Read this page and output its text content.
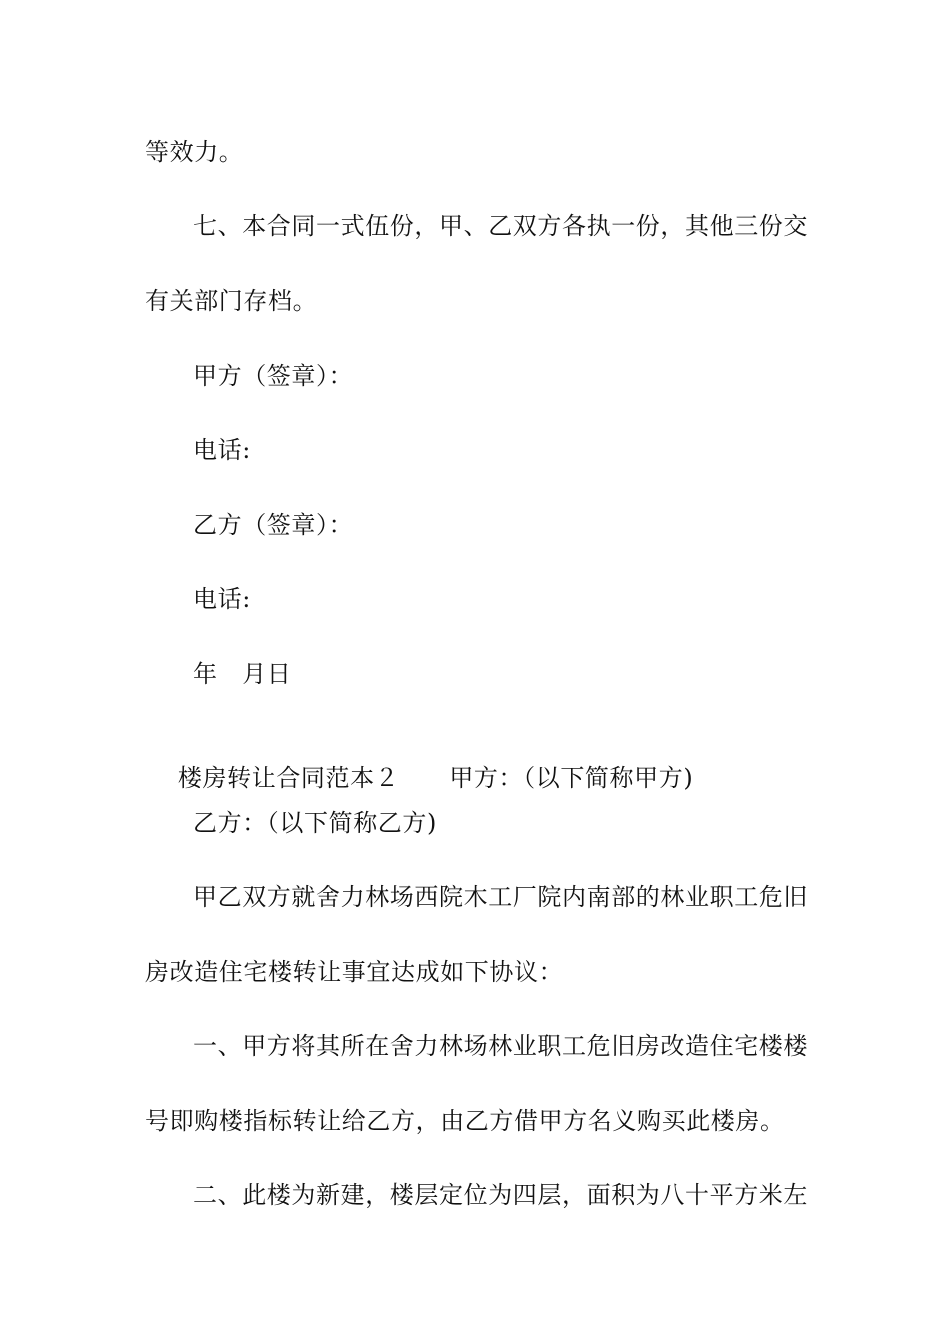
等效力。
七、本合同一式伍份，甲、乙双方各执一份，其他三份交
有关部门存档。
甲方（签章）：
电话:
乙方（签章）：
电话:
年   月日

楼房转让合同范本２ 甲方：（以下简称甲方)

乙方：（以下简称乙方)
甲乙双方就舍力林场西院木工厂院内南部的林业职工危旧
房改造住宅楼转让事宜达成如下协议：
一、甲方将其所在舍力林场林业职工危旧房改造住宅楼楼
号即购楼指标转让给乙方，由乙方借甲方名义购买此楼房。
二、此楼为新建，楼层定位为四层，面积为八十平方米左
